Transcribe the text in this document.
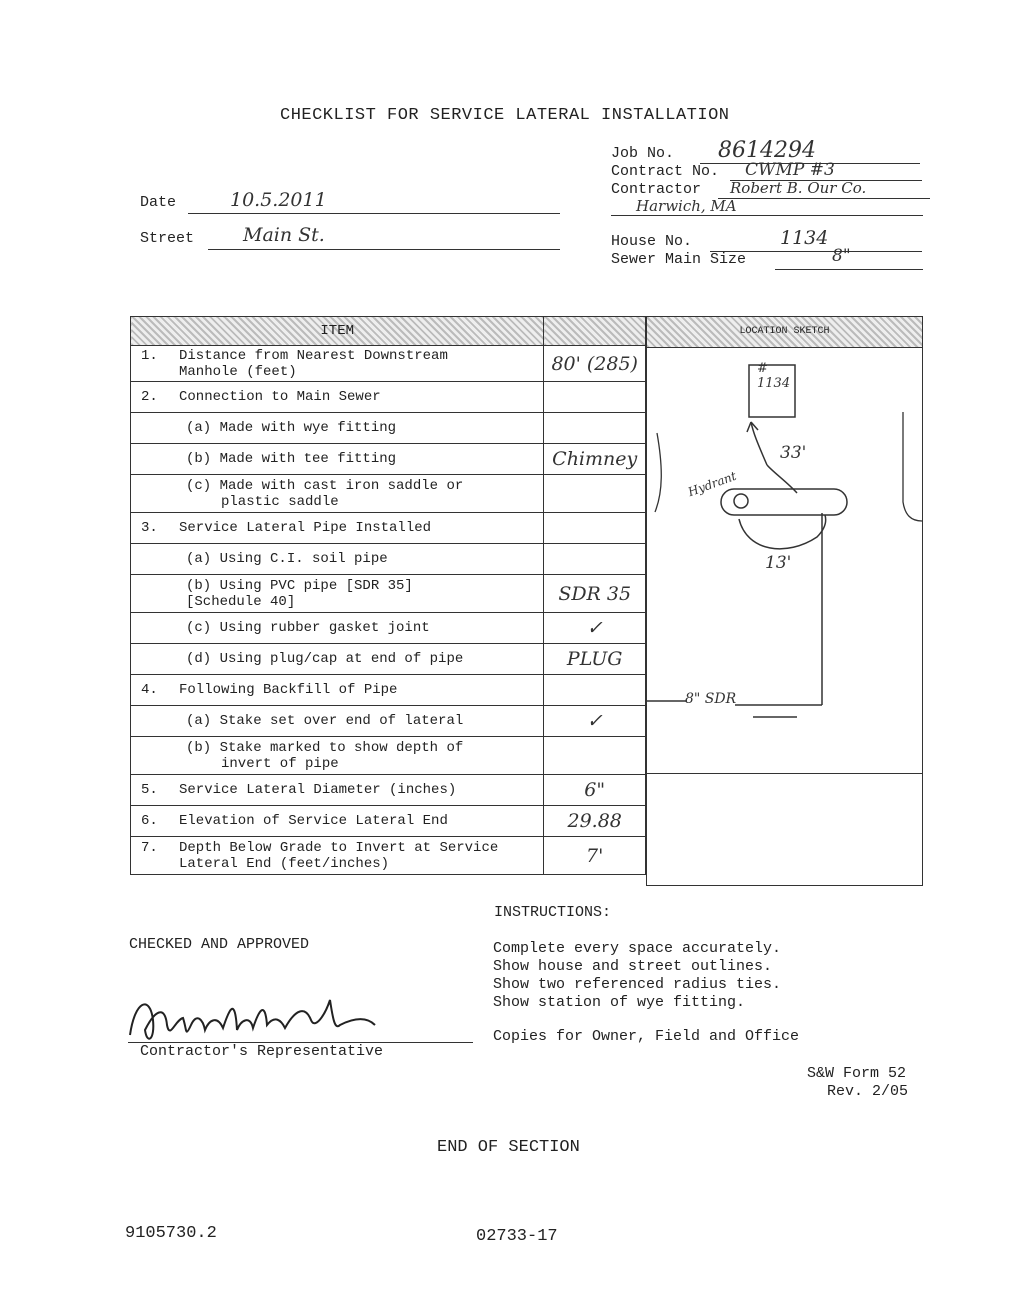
CHECKLIST FOR SERVICE LATERAL INSTALLATION
Job No. 8614294
Contract No. CWMP #3
Contractor Robert B. Our Co.
Harwich, MA
House No.	1134
Sewer Main Size	8"
Date	10.5.2011
Street	Main St.
ITEM	
1. Distance from Nearest Downstream
Manhole (feet)	80' (285)
2. Connection to Main Sewer	
(a) Made with wye fitting	
(b) Made with tee fitting	Chimney
(c) Made with cast iron saddle or
plastic saddle	
3. Service Lateral Pipe Installed	
(a) Using C.I. soil pipe	
(b) Using PVC pipe [SDR 35]
[Schedule 40]	SDR 35
(c) Using rubber gasket joint	✓
(d) Using plug/cap at end of pipe	PLUG
4. Following Backfill of Pipe	
(a) Stake set over end of lateral	✓
(b) Stake marked to show depth of
invert of pipe	
5. Service Lateral Diameter (inches)	6"
6. Elevation of Service Lateral End	29.88
7. Depth Below Grade to Invert at Service
Lateral End (feet/inches)	7'
LOCATION SKETCH
# 1134
33'
13'
Hydrant
8" SDR
INSTRUCTIONS:
Complete every space accurately.
Show house and street outlines.
Show two referenced radius ties.
Show station of wye fitting.
Copies for Owner, Field and Office
CHECKED AND APPROVED
Contractor's Representative
S&W Form 52
Rev. 2/05
END OF SECTION
9105730.2	02733-17
